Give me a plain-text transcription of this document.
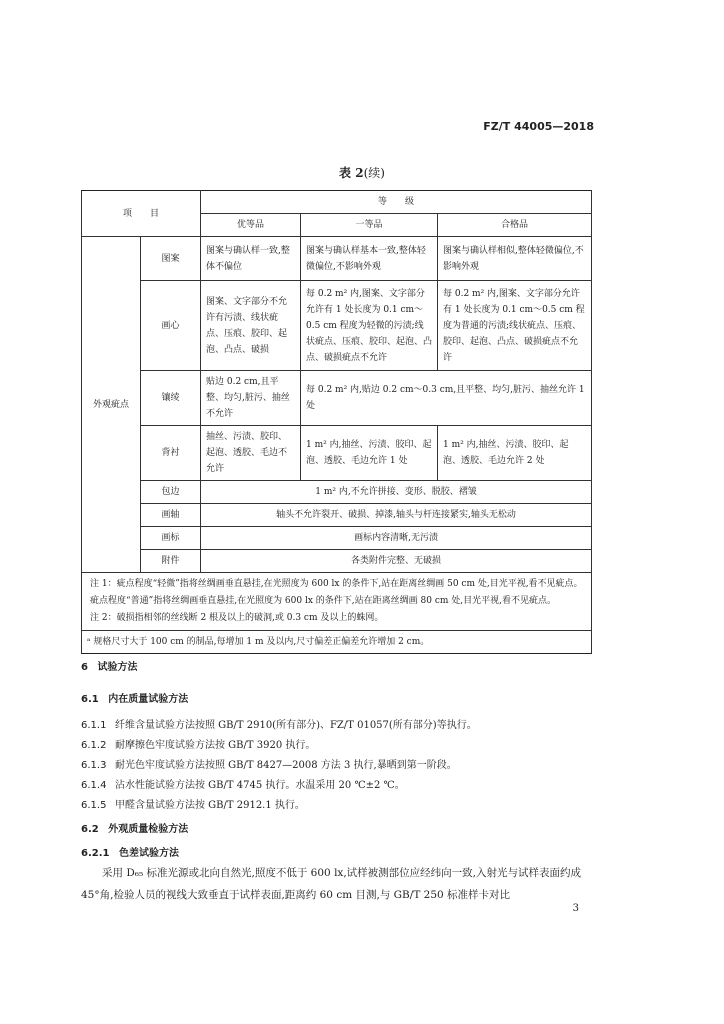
FZ/T 44005—2018
表 2(续)
项　　目		等　　级		
		优等品	一等品	合格品
外观疵点	图案	图案与确认样一致,整体不偏位	图案与确认样基本一致,整体轻微偏位,不影响外观	图案与确认样相似,整体轻微偏位,不影响外观
	画心	图案、文字部分不允许有污渍、线状疵点、压痕、胶印、起泡、凸点、破损	每 0.2 m² 内,图案、文字部分允许有 1 处长度为 0.1 cm～0.5 cm 程度为轻微的污渍;线状疵点、压痕、胶印、起泡、凸点、破损疵点不允许	每 0.2 m² 内,图案、文字部分允许有 1 处长度为 0.1 cm～0.5 cm 程度为普通的污渍;线状疵点、压痕、胶印、起泡、凸点、破损疵点不允许
	镶绫	贴边 0.2 cm,且平整、均匀,脏污、抽丝不允许	每 0.2 m² 内,贴边 0.2 cm～0.3 cm,且平整、均匀,脏污、抽丝允许 1 处	
	背衬	抽丝、污渍、胶印、起泡、透胶、毛边不允许	1 m² 内,抽丝、污渍、胶印、起泡、透胶、毛边允许 1 处	1 m² 内,抽丝、污渍、胶印、起泡、透胶、毛边允许 2 处
	包边	1 m² 内,不允许拼接、变形、脱胶、褶皱		
	画轴	轴头不允许裂开、破损、掉漆,轴头与杆连接紧实,轴头无松动		
	画标	画标内容清晰,无污渍		
	附件	各类附件完整、无破损		

注 1：疵点程度“轻微”指将丝绸画垂直悬挂,在光照度为 600 lx 的条件下,站在距离丝绸画 50 cm 处,目光平视,看不见疵点。疵点程度“普通”指将丝绸画垂直悬挂,在光照度为 600 lx 的条件下,站在距离丝绸画 80 cm 处,目光平视,看不见疵点。
注 2：破损指相邻的丝线断 2 根及以上的破洞,或 0.3 cm 及以上的蛛网。				

ᵃ 规格尺寸大于 100 cm 的制品,每增加 1 m 及以内,尺寸偏差正偏差允许增加 2 cm。				
6 试验方法
6.1 内在质量试验方法
6.1.1 纤维含量试验方法按照 GB/T 2910(所有部分)、FZ/T 01057(所有部分)等执行。
6.1.2 耐摩擦色牢度试验方法按 GB/T 3920 执行。
6.1.3 耐光色牢度试验方法按照 GB/T 8427—2008 方法 3 执行,暴晒到第一阶段。
6.1.4 沾水性能试验方法按 GB/T 4745 执行。水温采用 20 ℃±2 ℃。
6.1.5 甲醛含量试验方法按 GB/T 2912.1 执行。
6.2 外观质量检验方法
6.2.1 色差试验方法
采用 D₆₅ 标准光源或北向自然光,照度不低于 600 lx,试样被测部位应经纬向一致,入射光与试样表面约成 45°角,检验人员的视线大致垂直于试样表面,距离约 60 cm 目测,与 GB/T 250 标准样卡对比
3
